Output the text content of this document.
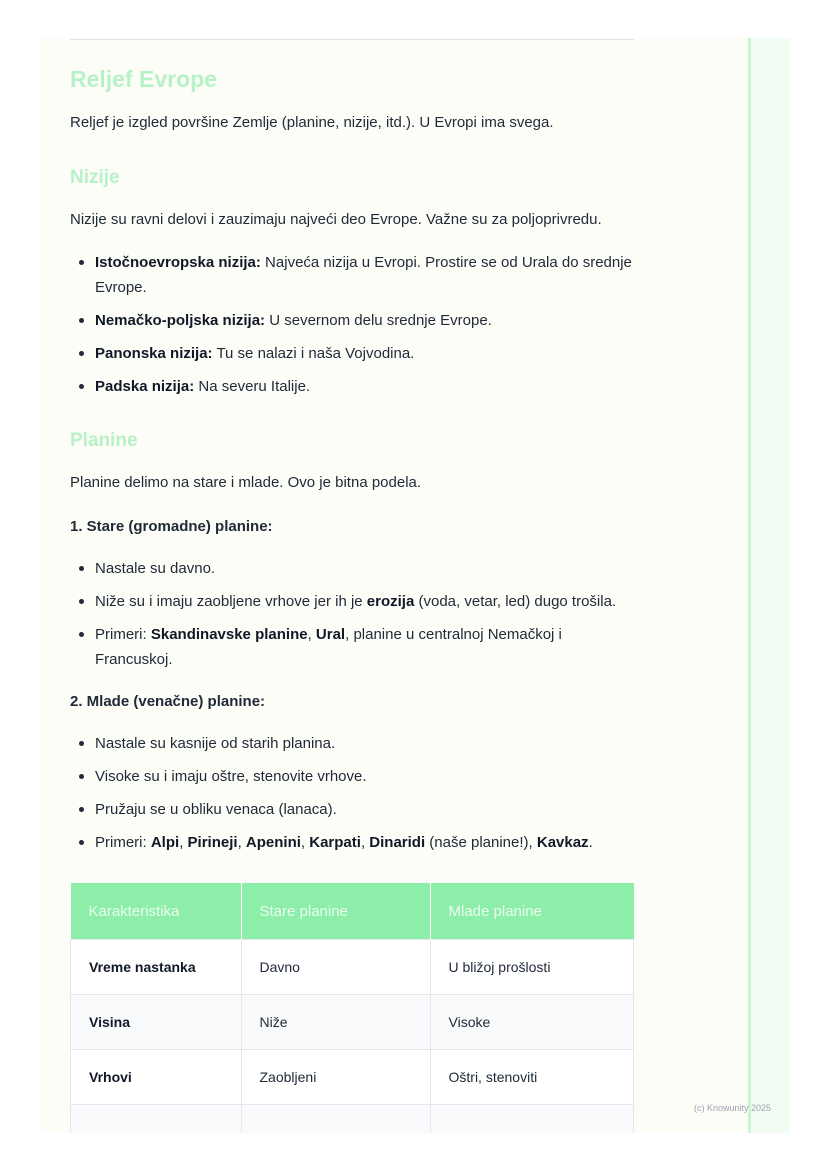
Reljef Evrope

Reljef je izgled površine Zemlje (planine, nizije, itd.). U Evropi ima svega.

Nizije

Nizije su ravni delovi i zauzimaju najveći deo Evrope. Važne su za poljoprivredu.

Istočnoevropska nizija: Najveća nizija u Evropi. Prostire se od Urala do srednje Evrope.
Nemačko-poljska nizija: U severnom delu srednje Evrope.
Panonska nizija: Tu se nalazi i naša Vojvodina.
Padska nizija: Na severu Italije.
Planine

Planine delimo na stare i mlade. Ovo je bitna podela.

1. Stare (gromadne) planine:

Nastale su davno.
Niže su i imaju zaobljene vrhove jer ih je erozija (voda, vetar, led) dugo trošila.
Primeri: Skandinavske planine, Ural, planine u centralnoj Nemačkoj i Francuskoj.

2. Mlade (venačne) planine:

Nastale su kasnije od starih planina.
Visoke su i imaju oštre, stenovite vrhove.
Pružaju se u obliku venaca (lanaca).
Primeri: Alpi, Pirineji, Apenini, Karpati, Dinaridi (naše planine!), Kavkaz.
Karakteristika	Stare planine	Mlade planine
Vreme nastanka	Davno	U bližoj prošlosti
Visina	Niže	Visoke
Vrhovi	Zaobljeni	Oštri, stenoviti

(c) Knowunity 2025
